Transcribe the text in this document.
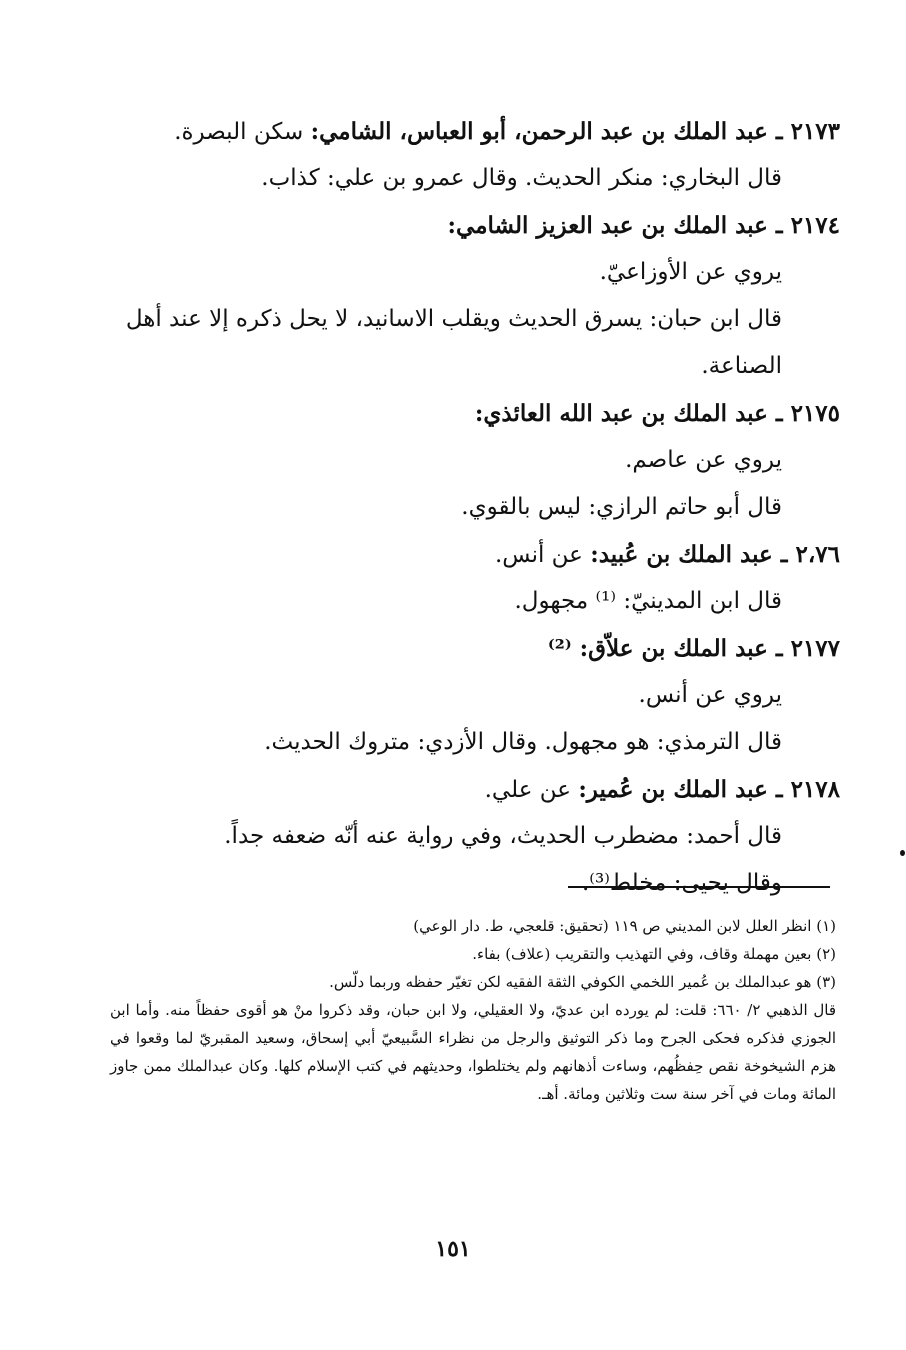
٢١٧٣ ـ عبد الملك بن عبد الرحمن، أبو العباس، الشامي: سكن البصرة.
قال البخاري: منكر الحديث. وقال عمرو بن علي: كذاب.
٢١٧٤ ـ عبد الملك بن عبد العزيز الشامي:
يروي عن الأوزاعيّ.
قال ابن حبان: يسرق الحديث ويقلب الاسانيد، لا يحل ذكره إلا عند أهل الصناعة.
٢١٧٥ ـ عبد الملك بن عبد الله العائذي:
يروي عن عاصم.
قال أبو حاتم الرازي: ليس بالقوي.
٢،٧٦ ـ عبد الملك بن عُبيد: عن أنس.
قال ابن المدينيّ: ⁽¹⁾ مجهول.
٢١٧٧ ـ عبد الملك بن علاّق: ⁽²⁾
يروي عن أنس.
قال الترمذي: هو مجهول. وقال الأزدي: متروك الحديث.
٢١٧٨ ـ عبد الملك بن عُمير: عن علي.
قال أحمد: مضطرب الحديث، وفي رواية عنه أنّه ضعفه جداً.
وقال يحيى: مخلط⁽³⁾.
(١) انظر العلل لابن المديني ص ١١٩ (تحقيق: قلعجي، ط. دار الوعي)
(٢) بعين مهملة وقاف، وفي التهذيب والتقريب (علاف) بفاء.
(٣) هو عبدالملك بن عُمير اللخمي الكوفي الثقة الفقيه لكن تغيّر حفظه وربما دلّس.
قال الذهبي ٢/ ٦٦٠: قلت: لم يورده ابن عديّ، ولا العقيلي، ولا ابن حبان، وقد ذكروا منْ هو أقوى حفظاً منه. وأما ابن الجوزي فذكره فحكى الجرح وما ذكر التوثيق والرجل من نظراء السَّبيعيّ أبي إسحاق، وسعيد المقبريّ لما وقعوا في هزم الشيخوخة نقص حِفظُهم، وساءت أذهانهم ولم يختلطوا، وحديثهم في كتب الإسلام كلها. وكان عبدالملك ممن جاوز المائة ومات في آخر سنة ست وثلاثين ومائة. أهـ.
١٥١
